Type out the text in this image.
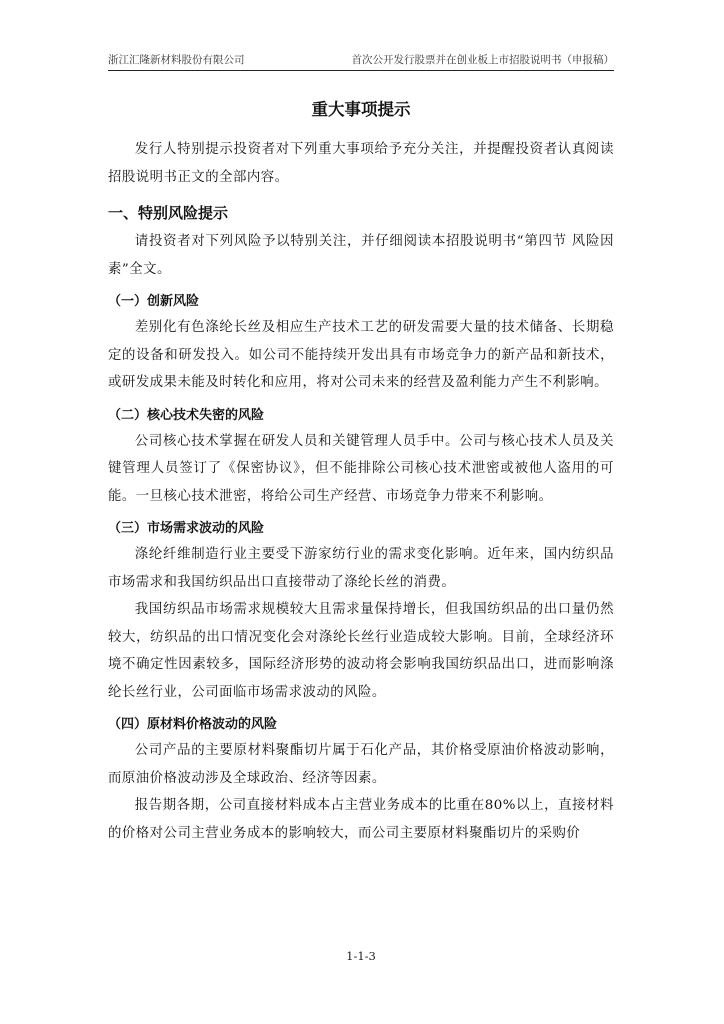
浙江汇隆新材料股份有限公司	首次公开发行股票并在创业板上市招股说明书（申报稿）
重大事项提示

发行人特别提示投资者对下列重大事项给予充分关注，并提醒投资者认真阅读招股说明书正文的全部内容。

一、特别风险提示

请投资者对下列风险予以特别关注，并仔细阅读本招股说明书“第四节 风险因素”全文。

（一）创新风险

差别化有色涤纶长丝及相应生产技术工艺的研发需要大量的技术储备、长期稳定的设备和研发投入。如公司不能持续开发出具有市场竞争力的新产品和新技术，或研发成果未能及时转化和应用，将对公司未来的经营及盈利能力产生不利影响。

（二）核心技术失密的风险

公司核心技术掌握在研发人员和关键管理人员手中。公司与核心技术人员及关键管理人员签订了《保密协议》，但不能排除公司核心技术泄密或被他人盗用的可能。一旦核心技术泄密，将给公司生产经营、市场竞争力带来不利影响。

（三）市场需求波动的风险

涤纶纤维制造行业主要受下游家纺行业的需求变化影响。近年来，国内纺织品市场需求和我国纺织品出口直接带动了涤纶长丝的消费。

我国纺织品市场需求规模较大且需求量保持增长，但我国纺织品的出口量仍然较大，纺织品的出口情况变化会对涤纶长丝行业造成较大影响。目前，全球经济环境不确定性因素较多，国际经济形势的波动将会影响我国纺织品出口，进而影响涤纶长丝行业，公司面临市场需求波动的风险。

（四）原材料价格波动的风险

公司产品的主要原材料聚酯切片属于石化产品，其价格受原油价格波动影响，而原油价格波动涉及全球政治、经济等因素。

报告期各期，公司直接材料成本占主营业务成本的比重在80%以上，直接材料的价格对公司主营业务成本的影响较大，而公司主要原材料聚酯切片的采购价

1-1-3
